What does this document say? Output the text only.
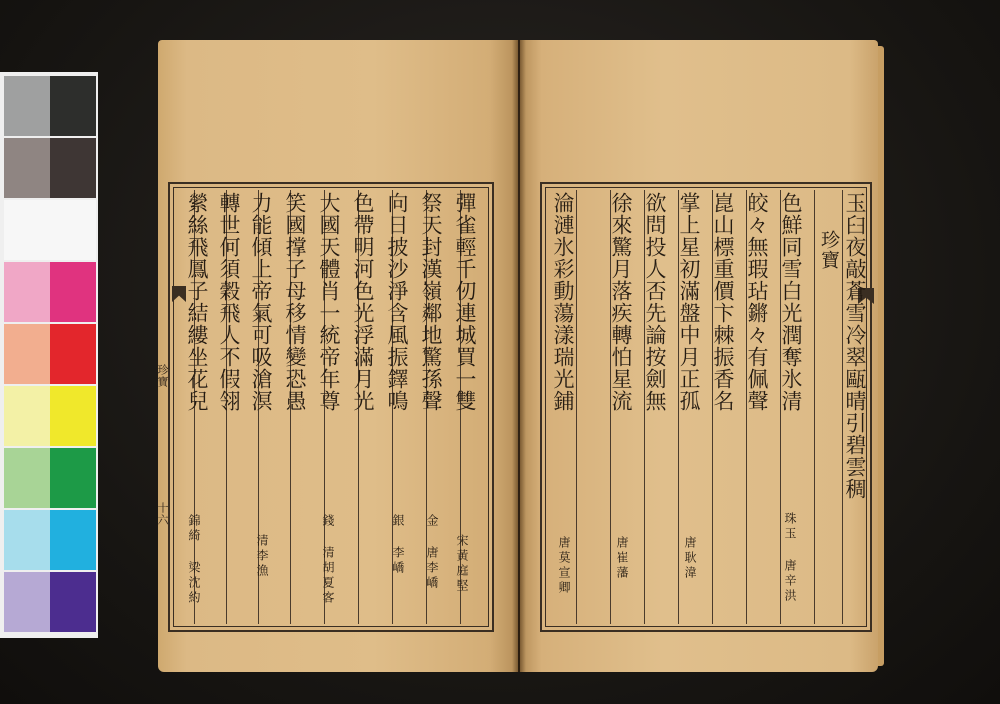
彈雀輕千仞連城買一雙
宋黃庭堅
祭天封漢嶺鄰地驚孫聲
金 唐李嶠
向日披沙淨含風振鐸鳴
銀 李嶠
色帶明河色光浮滿月光
大國天體肖一統帝年尊
錢 清胡夏客
笑國撑子母移情變恐愚
力能傾上帝氣可吸滄溟
清李漁
轉世何須穀飛人不假翎
縈絲飛鳳子結縷坐花兒
錦綺 梁沈約
珍寶
十六
玉臼夜敲蒼雪冷翠甌晴引碧雲稠
珍寶
色鮮同雪白光潤奪氷清
珠玉 唐辛洪
皎々無瑕玷鏘々有佩聲
崑山標重價卞棘振香名
掌上星初滿盤中月正孤
唐耿湋
欲問投人否先論按劍無
徐來驚月落疾轉怕星流
唐崔藩
淪漣氷彩動蕩漾瑞光鋪
唐莫宣卿
